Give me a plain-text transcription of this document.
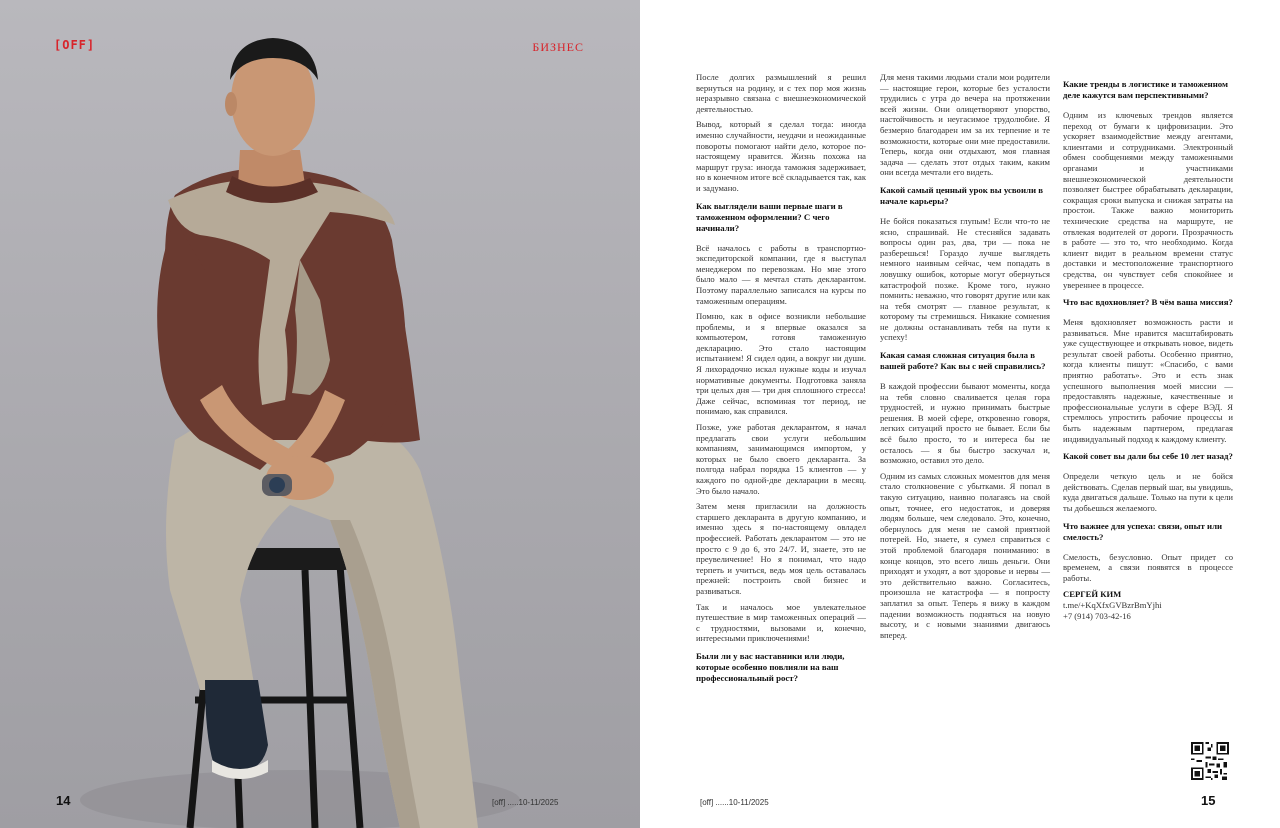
[OFF]	БИЗНЕС
14	[off] .....10-11/2025

После долгих размышлений я решил вернуться на родину, и с тех пор моя жизнь неразрывно связана с внешнеэкономической деятельностью.

Вывод, который я сделал тогда: иногда именно случайности, неудачи и неожиданные повороты помогают найти дело, которое по-настоящему нравится. Жизнь похожа на маршрут груза: иногда таможня задерживает, но в конечном итоге всё складывается так, как и задумано.

Как выглядели ваши первые шаги в таможенном оформлении? С чего начинали?

Всё началось с работы в транспортно-экспедиторской компании, где я выступал менеджером по перевозкам. Но мне этого было мало — я мечтал стать декларантом. Поэтому параллельно записался на курсы по таможенным операциям.

Помню, как в офисе возникли небольшие проблемы, и я впервые оказался за компьютером, готовя таможенную декларацию. Это стало настоящим испытанием! Я сидел один, а вокруг ни души. Я лихорадочно искал нужные коды и изучал нормативные документы. Подготовка заняла три целых дня — три дня сплошного стресса! Даже сейчас, вспоминая тот период, не понимаю, как справился.

Позже, уже работая декларантом, я начал предлагать свои услуги небольшим компаниям, занимающимся импортом, у которых не было своего декларанта. За полгода набрал порядка 15 клиентов — у каждого по одной-две декларации в месяц. Это было начало.

Затем меня пригласили на должность старшего декларанта в другую компанию, и именно здесь я по-настоящему овладел профессией. Работать декларантом — это не просто с 9 до 6, это 24/7. И, знаете, это не преувеличение! Но я понимал, что надо терпеть и учиться, ведь моя цель оставалась прежней: построить свой бизнес и развиваться.

Так и началось мое увлекательное путешествие в мир таможенных операций — с трудностями, вызовами и, конечно, интересными приключениями!

Были ли у вас наставники или люди, которые особенно повлияли на ваш профессиональный рост?

Для меня такими людьми стали мои родители — настоящие герои, которые без усталости трудились с утра до вечера на протяжении всей жизни. Они олицетворяют упорство, настойчивость и неугасимое трудолюбие. Я безмерно благодарен им за их терпение и те возможности, которые они мне предоставили. Теперь, когда они отдыхают, моя главная задача — сделать этот отдых таким, каким они всегда мечтали его видеть.

Какой самый ценный урок вы усвоили в начале карьеры?

Не бойся показаться глупым! Если что-то не ясно, спрашивай. Не стесняйся задавать вопросы один раз, два, три — пока не разберешься! Гораздо лучше выглядеть немного наивным сейчас, чем попадать в ловушку ошибок, которые могут обернуться катастрофой позже. Кроме того, нужно помнить: неважно, что говорят другие или как на тебя смотрят — главное результат, к которому ты стремишься. Никакие сомнения не должны останавливать тебя на пути к успеху!

Какая самая сложная ситуация была в вашей работе? Как вы с ней справились?

В каждой профессии бывают моменты, когда на тебя словно сваливается целая гора трудностей, и нужно принимать быстрые решения. В моей сфере, откровенно говоря, легких ситуаций просто не бывает. Если бы всё было просто, то и интереса бы не осталось — я бы быстро заскучал и, возможно, оставил это дело.

Одним из самых сложных моментов для меня стало столкновение с убытками. Я попал в такую ситуацию, наивно полагаясь на свой опыт, точнее, его недостаток, и доверяя людям больше, чем следовало. Это, конечно, обернулось для меня не самой приятной потерей. Но, знаете, я сумел справиться с этой проблемой благодаря пониманию: в конце концов, это всего лишь деньги. Они приходят и уходят, а вот здоровье и нервы — это действительно важно. Согласитесь, произошла не катастрофа — я попросту заплатил за опыт. Теперь я вижу в каждом падении возможность подняться на новую высоту, и с новыми знаниями двигаюсь вперед.

Какие тренды в логистике и таможенном деле кажутся вам перспективными?

Одним из ключевых трендов является переход от бумаги к цифровизации. Это ускоряет взаимодействие между агентами, клиентами и сотрудниками. Электронный обмен сообщениями между таможенными органами и участниками внешнеэкономической деятельности позволяет быстрее обрабатывать декларации, сокращая сроки выпуска и снижая затраты на простои. Также важно мониторить технические средства на маршруте, не отвлекая водителей от дороги. Прозрачность в работе — это то, что необходимо. Когда клиент видит в реальном времени статус доставки и местоположение транспортного средства, он чувствует себя спокойнее и увереннее в процессе.

Что вас вдохновляет? В чём ваша миссия?

Меня вдохновляет возможность расти и развиваться. Мне нравится масштабировать уже существующее и открывать новое, видеть результат своей работы. Особенно приятно, когда клиенты пишут: «Спасибо, с вами приятно работать». Это и есть знак успешного выполнения моей миссии — предоставлять надежные, качественные и профессиональные услуги в сфере ВЭД. Я стремлюсь упростить рабочие процессы и быть надежным партнером, предлагая индивидуальный подход к каждому клиенту.

Какой совет вы дали бы себе 10 лет назад?

Определи четкую цель и не бойся действовать. Сделав первый шаг, вы увидишь, куда двигаться дальше. Только на пути к цели ты добьешься желаемого.

Что важнее для успеха: связи, опыт или смелость?

Смелость, безусловно. Опыт придет со временем, а связи появятся в процессе работы.

СЕРГЕЙ КИМ
t.me/+KqXfxGVBzrBmYjhi
+7 (914) 703-42-16
[off] ......10-11/2025	15
